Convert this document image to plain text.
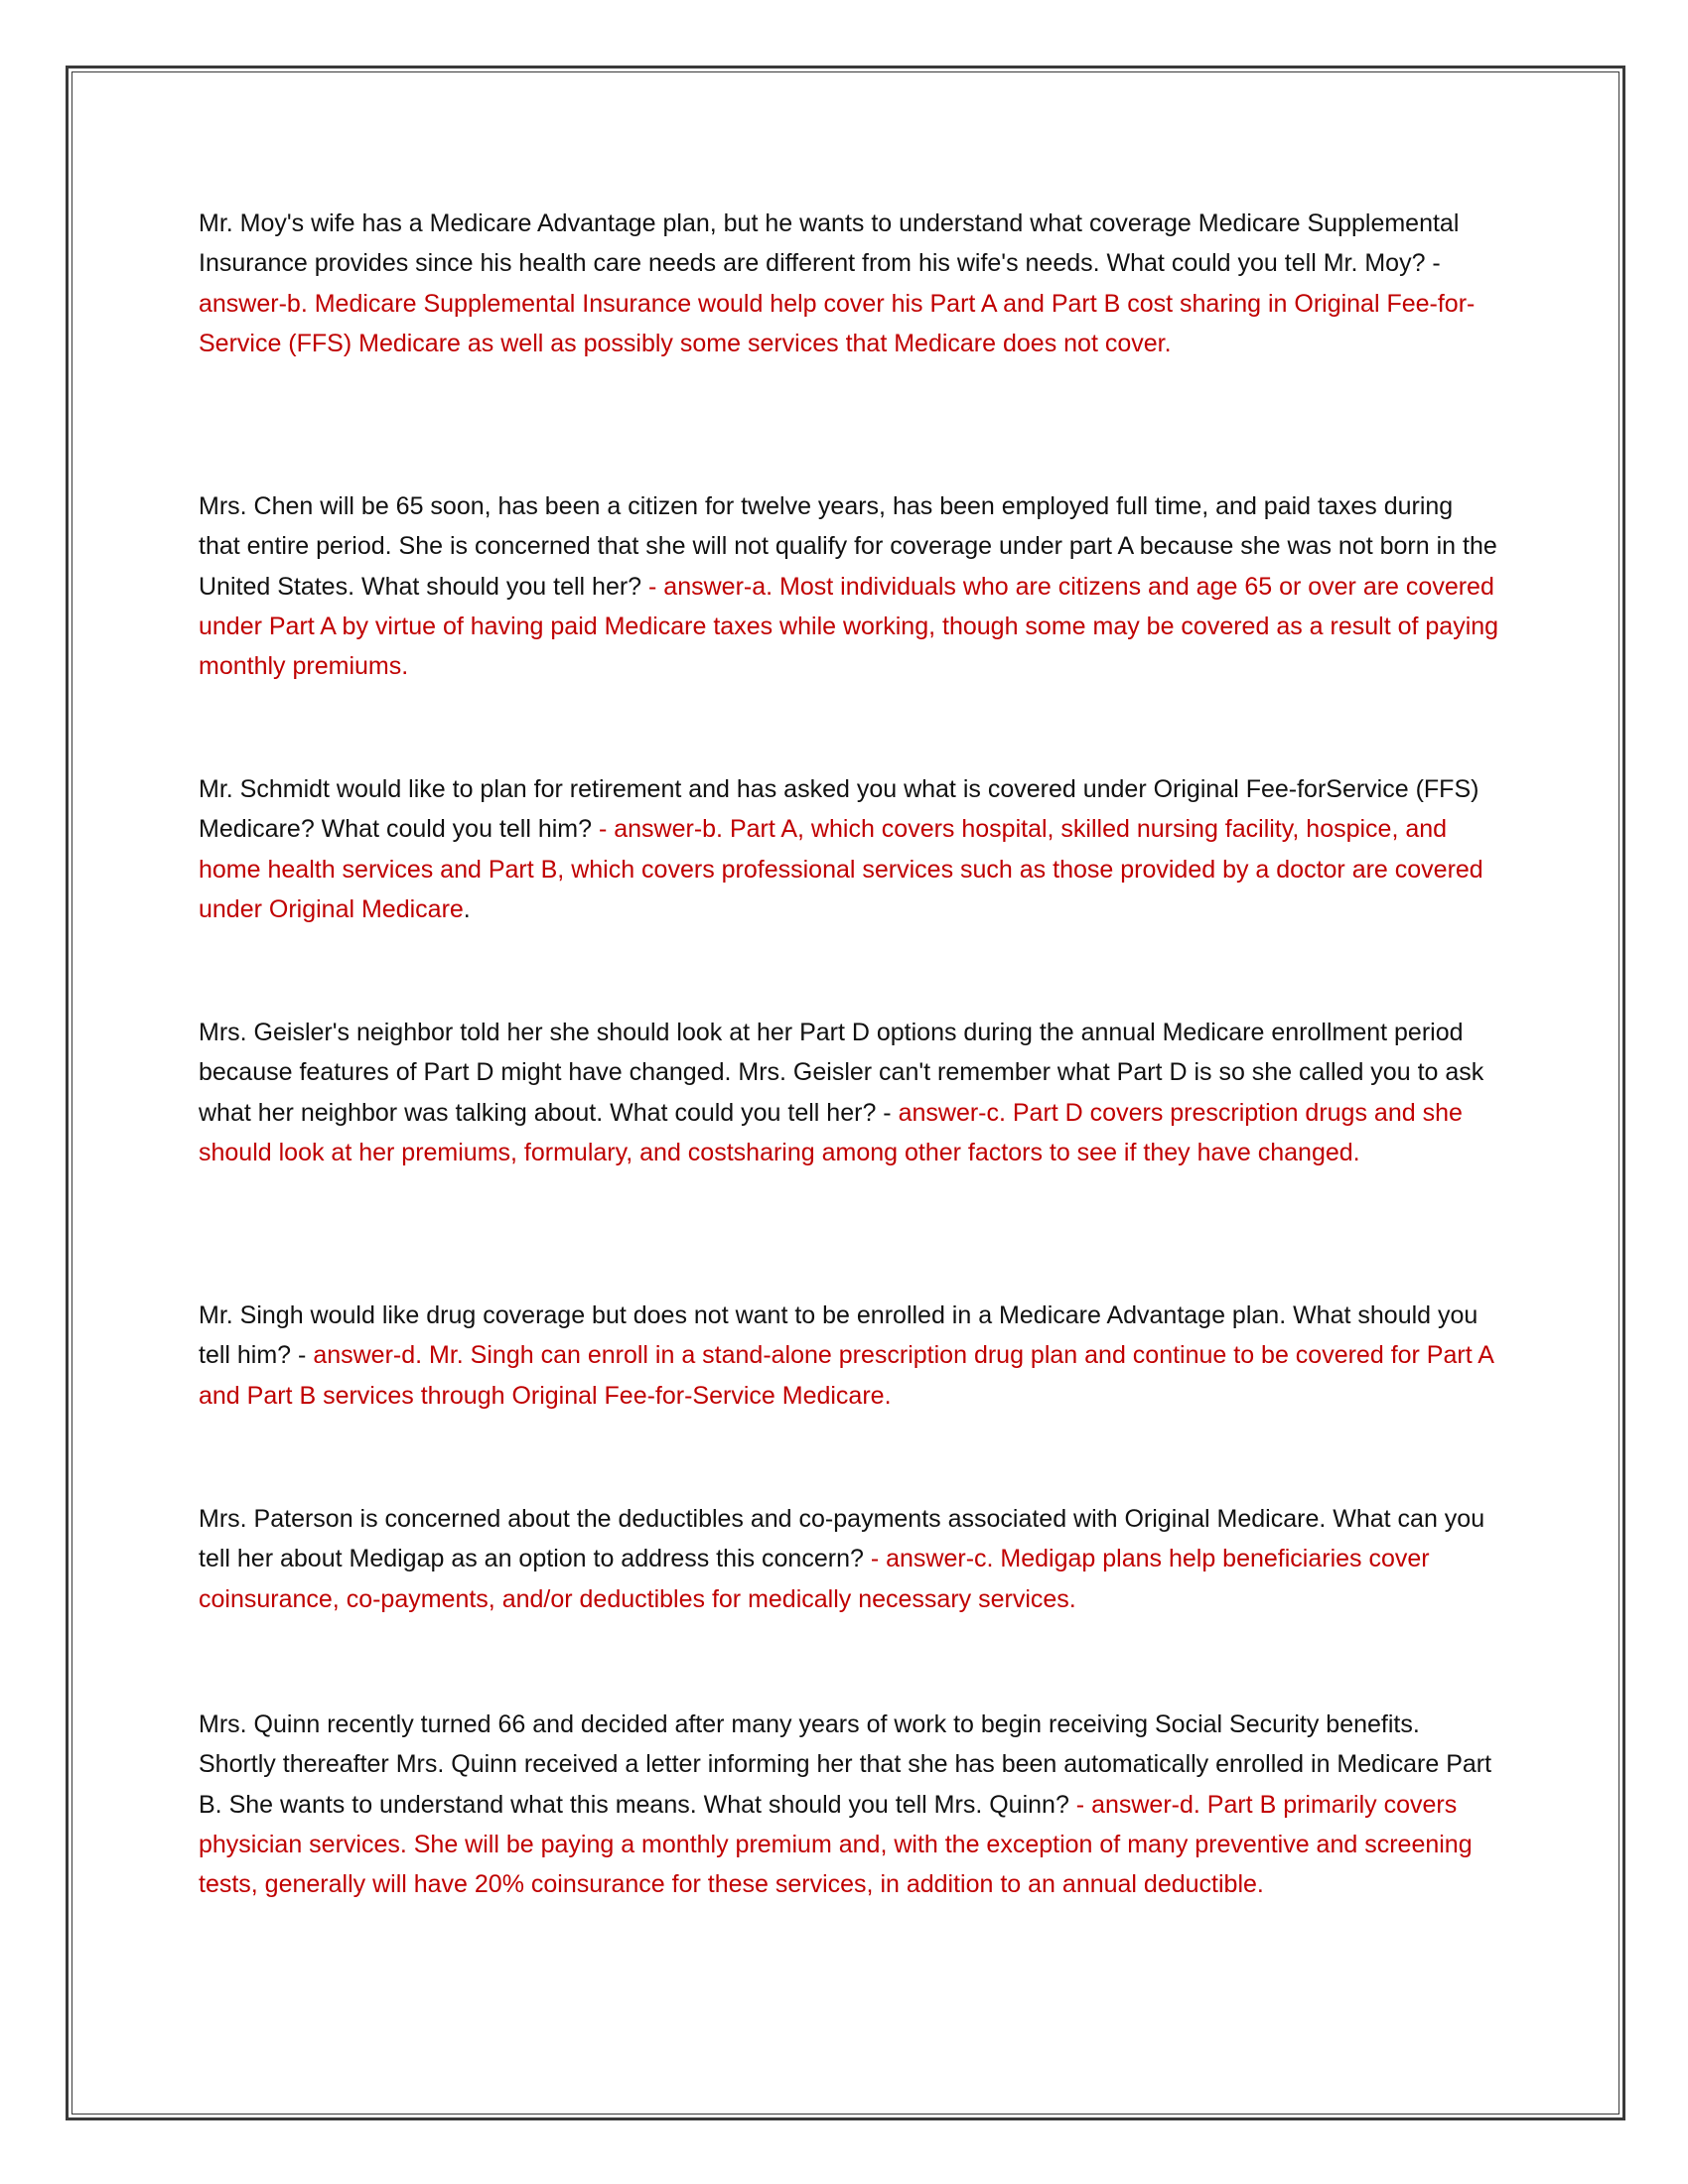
Mr. Moy's wife has a Medicare Advantage plan, but he wants to understand what coverage Medicare Supplemental Insurance provides since his health care needs are different from his wife's needs. What could you tell Mr. Moy? - answer-b. Medicare Supplemental Insurance would help cover his Part A and Part B cost sharing in Original Fee-for-Service (FFS) Medicare as well as possibly some services that Medicare does not cover.

Mrs. Chen will be 65 soon, has been a citizen for twelve years, has been employed full time, and paid taxes during that entire period. She is concerned that she will not qualify for coverage under part A because she was not born in the United States. What should you tell her? - answer-a. Most individuals who are citizens and age 65 or over are covered under Part A by virtue of having paid Medicare taxes while working, though some may be covered as a result of paying monthly premiums.

Mr. Schmidt would like to plan for retirement and has asked you what is covered under Original Fee-forService (FFS) Medicare? What could you tell him? - answer-b. Part A, which covers hospital, skilled nursing facility, hospice, and home health services and Part B, which covers professional services such as those provided by a doctor are covered under Original Medicare.

Mrs. Geisler's neighbor told her she should look at her Part D options during the annual Medicare enrollment period because features of Part D might have changed. Mrs. Geisler can't remember what Part D is so she called you to ask what her neighbor was talking about. What could you tell her? - answer-c. Part D covers prescription drugs and she should look at her premiums, formulary, and costsharing among other factors to see if they have changed.

Mr. Singh would like drug coverage but does not want to be enrolled in a Medicare Advantage plan. What should you tell him? - answer-d. Mr. Singh can enroll in a stand-alone prescription drug plan and continue to be covered for Part A and Part B services through Original Fee-for-Service Medicare.

Mrs. Paterson is concerned about the deductibles and co-payments associated with Original Medicare. What can you tell her about Medigap as an option to address this concern? - answer-c. Medigap plans help beneficiaries cover coinsurance, co-payments, and/or deductibles for medically necessary services.

Mrs. Quinn recently turned 66 and decided after many years of work to begin receiving Social Security benefits. Shortly thereafter Mrs. Quinn received a letter informing her that she has been automatically enrolled in Medicare Part B. She wants to understand what this means. What should you tell Mrs. Quinn? - answer-d. Part B primarily covers physician services. She will be paying a monthly premium and, with the exception of many preventive and screening tests, generally will have 20% coinsurance for these services, in addition to an annual deductible.
